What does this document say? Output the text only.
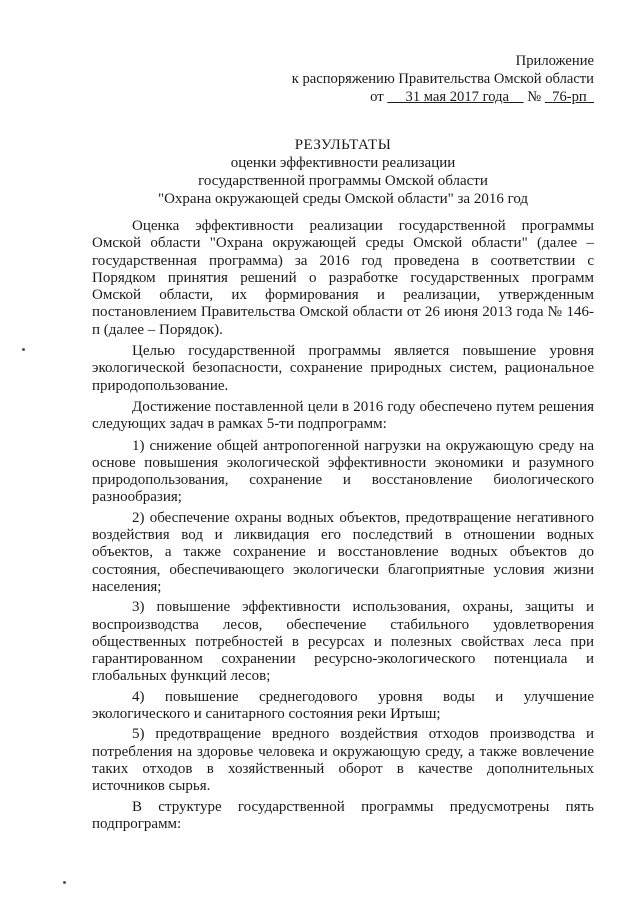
Приложение
к распоряжению Правительства Омской области
от 31 мая 2017 года № 76-рп
РЕЗУЛЬТАТЫ
оценки эффективности реализации
государственной программы Омской области
"Охрана окружающей среды Омской области" за 2016 год

Оценка эффективности реализации государственной программы Омской области "Охрана окружающей среды Омской области" (далее – государственная программа) за 2016 год проведена в соответствии с Порядком принятия решений о разработке государственных программ Омской области, их формирования и реализации, утвержденным постановлением Правительства Омской области от 26 июня 2013 года № 146-п (далее – Порядок).

Целью государственной программы является повышение уровня экологической безопасности, сохранение природных систем, рациональное природопользование.

Достижение поставленной цели в 2016 году обеспечено путем решения следующих задач в рамках 5-ти подпрограмм:

1) снижение общей антропогенной нагрузки на окружающую среду на основе повышения экологической эффективности экономики и разумного природопользования, сохранение и восстановление биологического разнообразия;

2) обеспечение охраны водных объектов, предотвращение негативного воздействия вод и ликвидация его последствий в отношении водных объектов, а также сохранение и восстановление водных объектов до состояния, обеспечивающего экологически благоприятные условия жизни населения;

3) повышение эффективности использования, охраны, защиты и воспроизводства лесов, обеспечение стабильного удовлетворения общественных потребностей в ресурсах и полезных свойствах леса при гарантированном сохранении ресурсно-экологического потенциала и глобальных функций лесов;

4) повышение среднегодового уровня воды и улучшение экологического и санитарного состояния реки Иртыш;

5) предотвращение вредного воздействия отходов производства и потребления на здоровье человека и окружающую среду, а также вовлечение таких отходов в хозяйственный оборот в качестве дополнительных источников сырья.

В структуре государственной программы предусмотрены пять подпрограмм:
